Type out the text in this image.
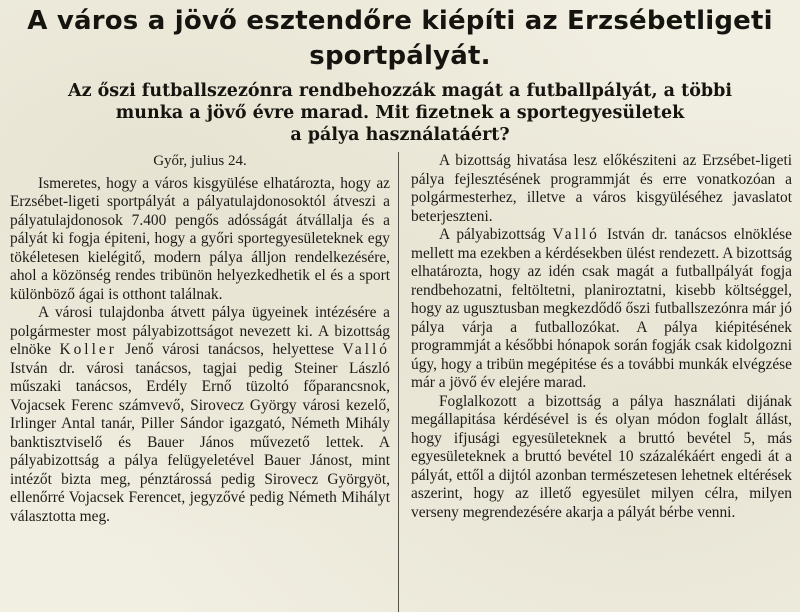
A város a jövő esztendőre kiépíti az Erzsébetligeti
sportpályát.
Az őszi futballszezónra rendbehozzák magát a futballpályát, a többi
munka a jövő évre marad. Mit fizetnek a sportegyesületek
a pálya használatáért?

Győr, julius 24.

Ismeretes, hogy a város kisgyülése elhatározta, hogy az Erzsébet-ligeti sportpályát a pályatulajdonosoktól átveszi a pályatulajdonosok 7.400 pengős adósságát átvállalja és a pályát ki fogja épiteni, hogy a győri sportegyesületeknek egy tökéletesen kielégitő, modern pálya álljon rendelkezésére, ahol a közönség rendes tribünön helyezkedhetik el és a sport különböző ágai is otthont találnak.

A városi tulajdonba átvett pálya ügyeinek intézésére a polgármester most pályabizottságot nevezett ki. A bizottság elnöke Koller Jenő városi tanácsos, helyettese Valló István dr. városi tanácsos, tagjai pedig Steiner László műszaki tanácsos, Erdély Ernő tüzoltó főparancsnok, Vojacsek Ferenc számvevő, Sirovecz György városi kezelő, Irlinger Antal tanár, Piller Sándor igazgató, Németh Mihály banktisztviselő és Bauer János művezető lettek. A pályabizottság a pálya felügyeletével Bauer Jánost, mint intézőt bizta meg, pénztárossá pedig Sirovecz Györgyöt, ellenőrré Vojacsek Ferencet, jegyzővé pedig Németh Mihályt választotta meg.

A bizottság hivatása lesz előkésziteni az Erzsébet-ligeti pálya fejlesztésének programmját és erre vonatkozóan a polgármesterhez, illetve a város kisgyüléséhez javaslatot beterjeszteni.

A pályabizottság Valló István dr. tanácsos elnöklése mellett ma ezekben a kérdésekben ülést rendezett. A bizottság elhatározta, hogy az idén csak magát a futballpályát fogja rendbehozatni, feltöltetni, planiroztatni, kisebb költséggel, hogy az ugusztusban megkezdődő őszi futballszezónra már jó pálya várja a futballozókat. A pálya kiépitésének programmját a későbbi hónapok során fogják csak kidolgozni úgy, hogy a tribün megépitése és a további munkák elvégzése már a jövő év elejére marad.

Foglalkozott a bizottság a pálya használati dijának megállapitása kérdésével is és olyan módon foglalt állást, hogy ifjusági egyesületeknek a bruttó bevétel 5, más egyesületeknek a bruttó bevétel 10 százalékáért engedi át a pályát, ettől a dijtól azonban természetesen lehetnek eltérések aszerint, hogy az illető egyesület milyen célra, milyen verseny megrendezésére akarja a pályát bérbe venni.
